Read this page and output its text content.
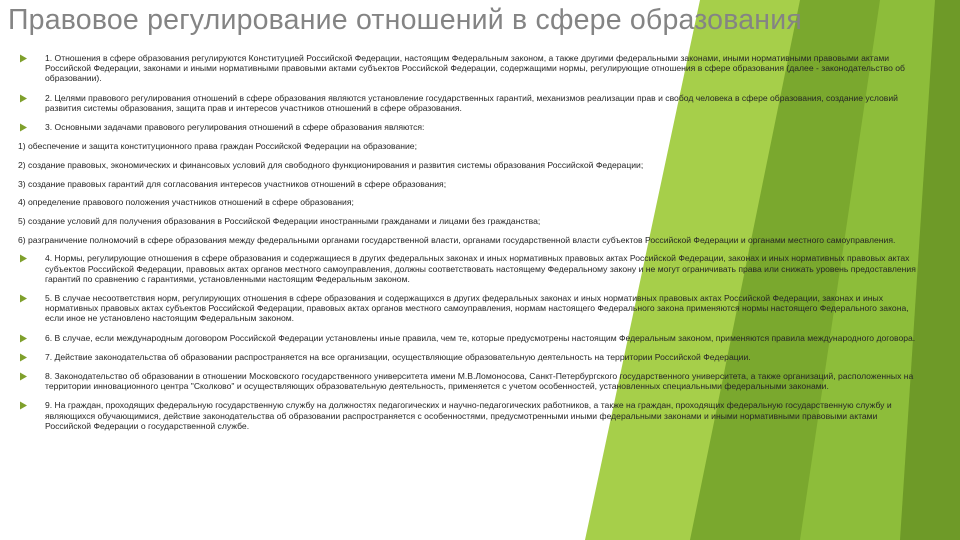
Правовое регулирование отношений в сфере образования
1. Отношения в сфере образования регулируются Конституцией Российской Федерации, настоящим Федеральным законом, а также другими федеральными законами, иными нормативными правовыми актами Российской Федерации, законами и иными нормативными правовыми актами субъектов Российской Федерации, содержащими нормы, регулирующие отношения в сфере образования (далее - законодательство об образовании).
2. Целями правового регулирования отношений в сфере образования являются установление государственных гарантий, механизмов реализации прав и свобод человека в сфере образования, создание условий развития системы образования, защита прав и интересов участников отношений в сфере образования.
3. Основными задачами правового регулирования отношений в сфере образования являются:
1) обеспечение и защита конституционного права граждан Российской Федерации на образование;
2) создание правовых, экономических и финансовых условий для свободного функционирования и развития системы образования Российской Федерации;
3) создание правовых гарантий для согласования интересов участников отношений в сфере образования;
4) определение правового положения участников отношений в сфере образования;
5) создание условий для получения образования в Российской Федерации иностранными гражданами и лицами без гражданства;
6) разграничение полномочий в сфере образования между федеральными органами государственной власти, органами государственной власти субъектов Российской Федерации и органами местного самоуправления.
4. Нормы, регулирующие отношения в сфере образования и содержащиеся в других федеральных законах и иных нормативных правовых актах Российской Федерации, законах и иных нормативных правовых актах субъектов Российской Федерации, правовых актах органов местного самоуправления, должны соответствовать настоящему Федеральному закону и не могут ограничивать права или снижать уровень предоставления гарантий по сравнению с гарантиями, установленными настоящим Федеральным законом.
5. В случае несоответствия норм, регулирующих отношения в сфере образования и содержащихся в других федеральных законах и иных нормативных правовых актах Российской Федерации, законах и иных нормативных правовых актах субъектов Российской Федерации, правовых актах органов местного самоуправления, нормам настоящего Федерального закона применяются нормы настоящего Федерального закона, если иное не установлено настоящим Федеральным законом.
6. В случае, если международным договором Российской Федерации установлены иные правила, чем те, которые предусмотрены настоящим Федеральным законом, применяются правила международного договора.
7. Действие законодательства об образовании распространяется на все организации, осуществляющие образовательную деятельность на территории Российской Федерации.
8. Законодательство об образовании в отношении Московского государственного университета имени М.В.Ломоносова, Санкт-Петербургского государственного университета, а также организаций, расположенных на территории инновационного центра "Сколково" и осуществляющих образовательную деятельность, применяется с учетом особенностей, установленных специальными федеральными законами.
9. На граждан, проходящих федеральную государственную службу на должностях педагогических и научно-педагогических работников, а также на граждан, проходящих федеральную государственную службу и являющихся обучающимися, действие законодательства об образовании распространяется с особенностями, предусмотренными иными федеральными законами и иными нормативными правовыми актами Российской Федерации о государственной службе.
